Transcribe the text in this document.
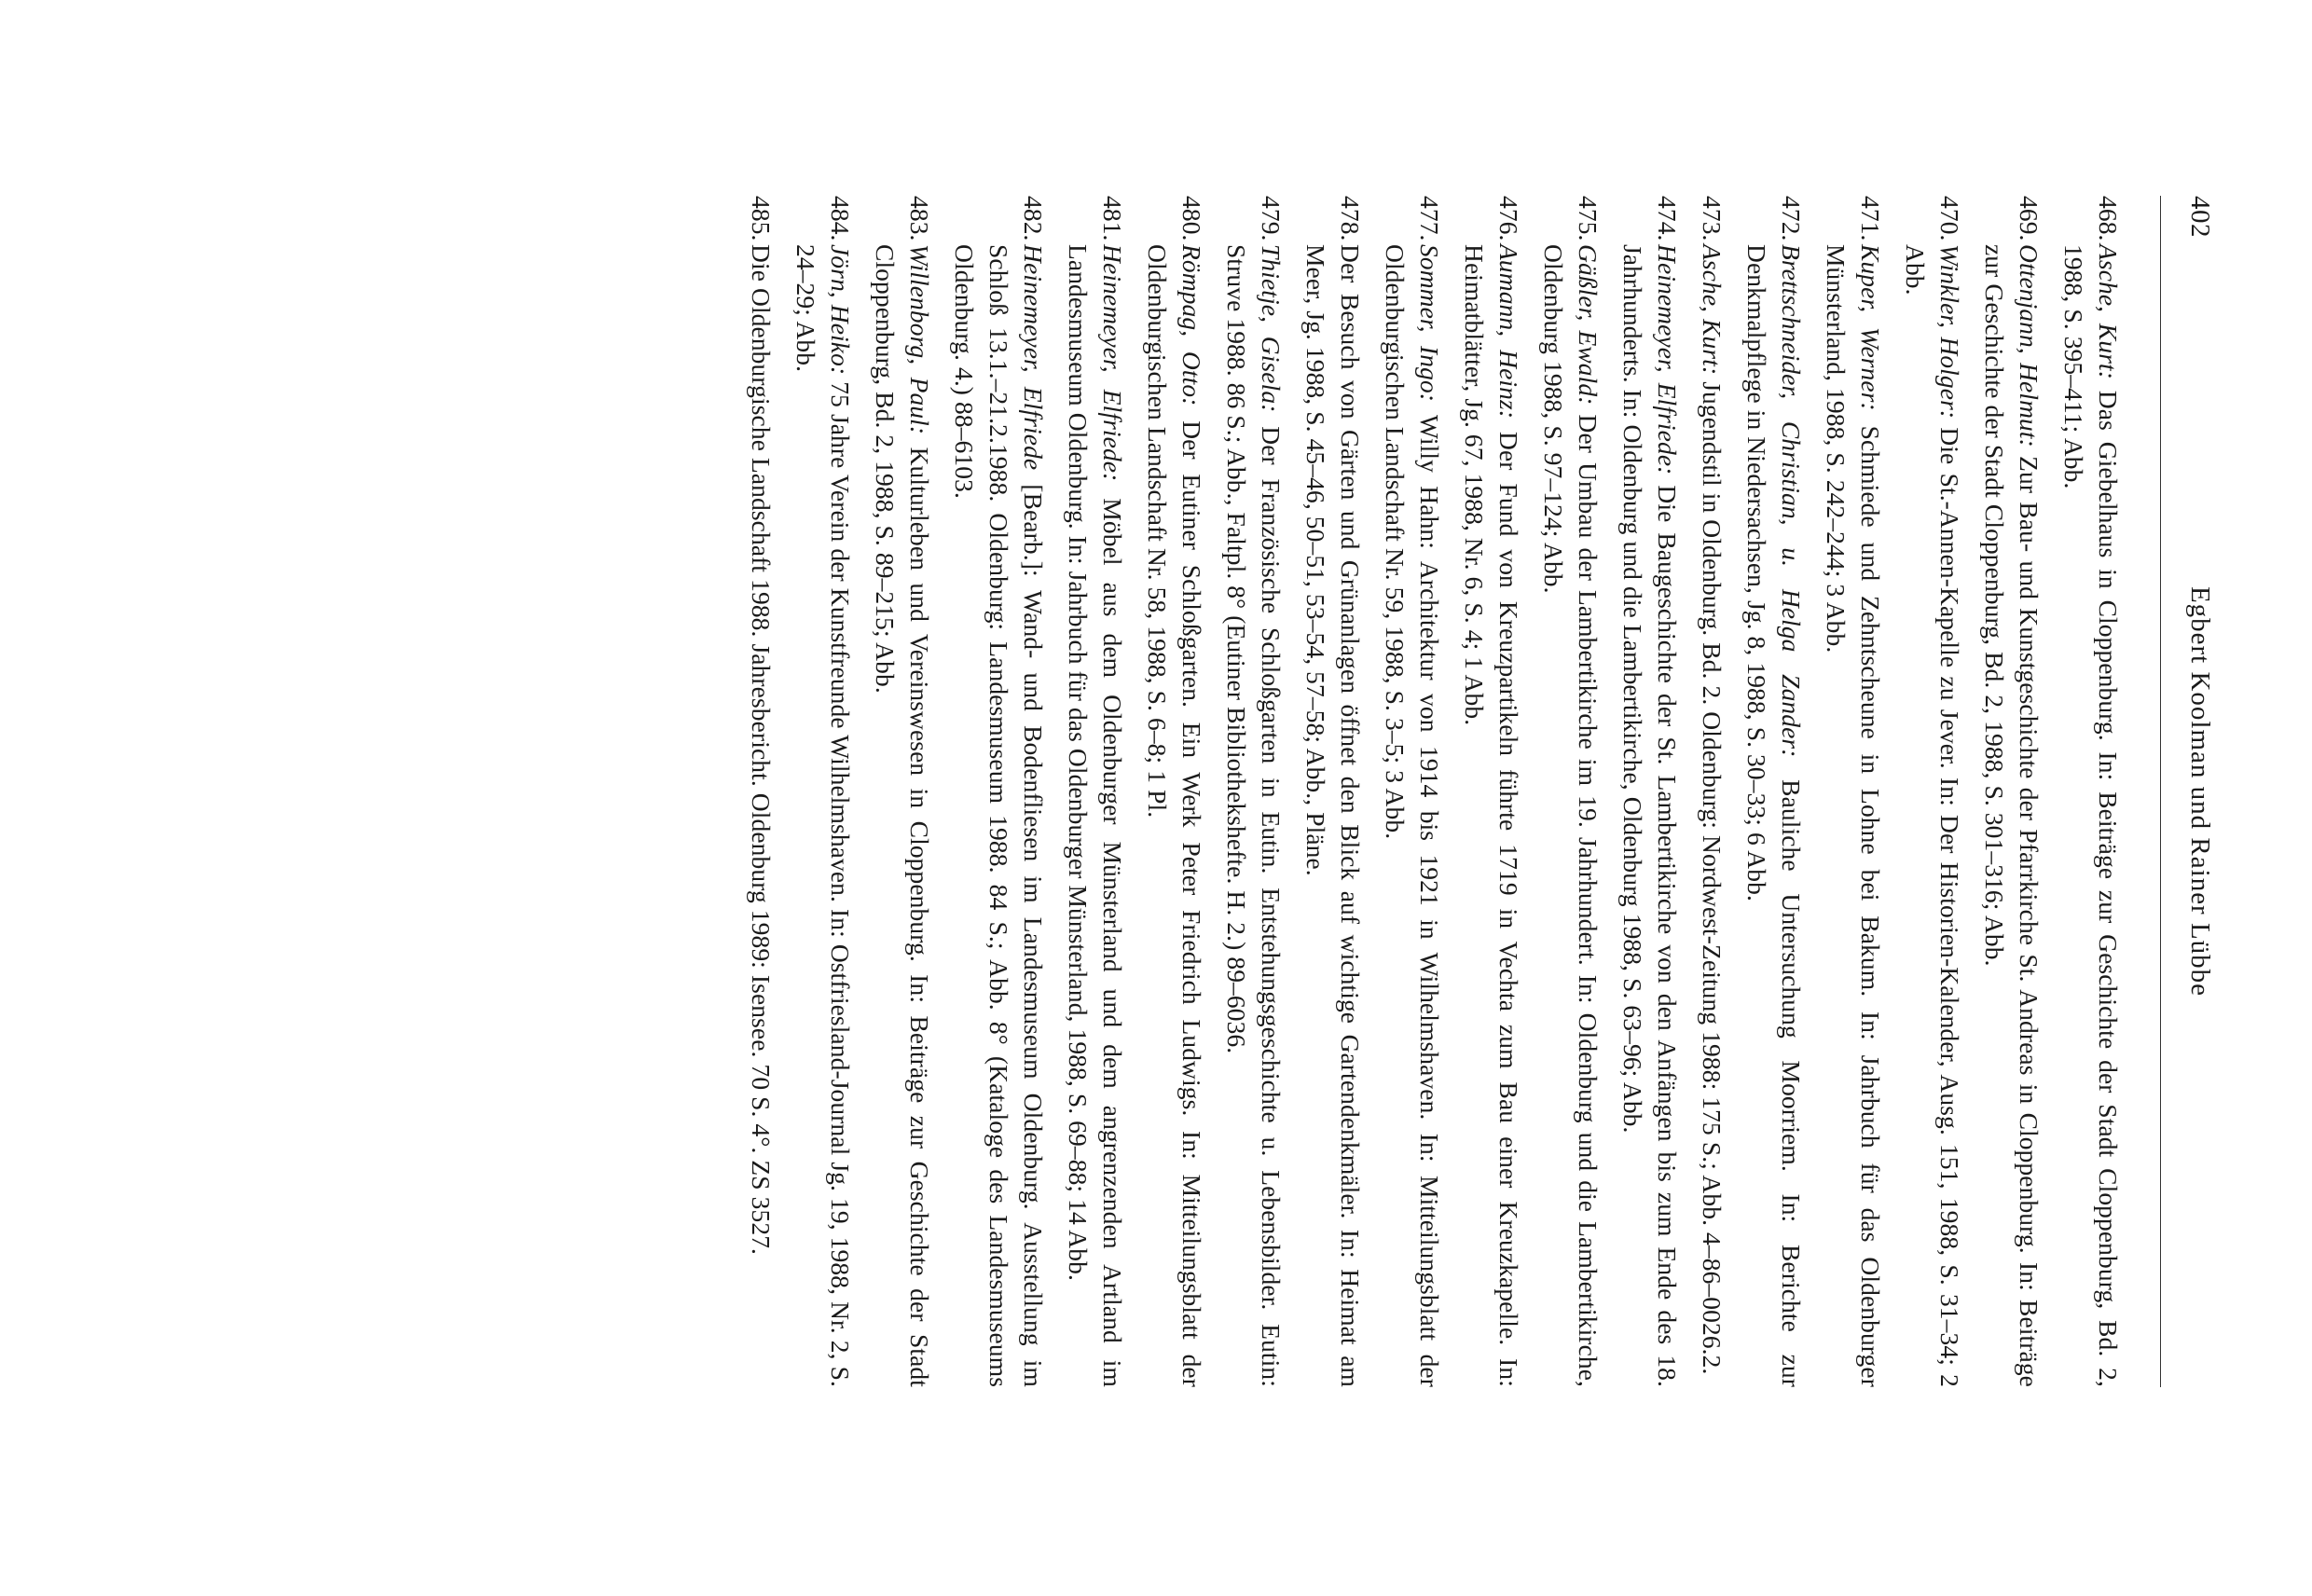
402
Egbert Koolman und Rainer Lübbe

468.
Asche, Kurt: Das Giebelhaus in Cloppenburg. In: Beiträge zur Geschichte der Stadt Cloppenburg, Bd. 2, 1988, S. 395–411; Abb.

469.
Ottenjann, Helmut: Zur Bau- und Kunstgeschichte der Pfarrkirche St. Andreas in Cloppenburg. In: Beiträge zur Geschichte der Stadt Cloppenburg, Bd. 2, 1988, S. 301–316; Abb.

470.
Winkler, Holger: Die St.-Annen-Kapelle zu Jever. In: Der Historien-Kalender, Ausg. 151, 1988, S. 31–34; 2 Abb.

471.
Kuper, Werner: Schmiede und Zehntscheune in Lohne bei Bakum. In: Jahrbuch für das Oldenburger Münsterland, 1988, S. 242–244; 3 Abb.

472.
Brettschneider, Christian, u. Helga Zander: Bauliche Untersuchung Moorriem. In: Berichte zur Denkmalpflege in Niedersachsen, Jg. 8, 1988, S. 30–33; 6 Abb.

473.
Asche, Kurt: Jugendstil in Oldenburg. Bd. 2. Oldenburg: Nordwest-Zeitung 1988: 175 S.; Abb. 4–86–0026.2.

474.
Heinemeyer, Elfriede: Die Baugeschichte der St. Lambertikirche von den Anfängen bis zum Ende des 18. Jahrhunderts. In: Oldenburg und die Lambertikirche, Oldenburg 1988, S. 63–96; Abb.

475.
Gäßler, Ewald: Der Umbau der Lambertikirche im 19. Jahrhundert. In: Oldenburg und die Lambertikirche, Oldenburg 1988, S. 97–124; Abb.

476.
Aumann, Heinz: Der Fund von Kreuzpartikeln führte 1719 in Vechta zum Bau einer Kreuzkapelle. In: Heimatblätter, Jg. 67, 1988, Nr. 6, S. 4; 1 Abb.

477.
Sommer, Ingo: Willy Hahn: Architektur von 1914 bis 1921 in Wilhelmshaven. In: Mitteilungsblatt der Oldenburgischen Landschaft Nr. 59, 1988, S. 3–5; 3 Abb.

478.
Der Besuch von Gärten und Grünanlagen öffnet den Blick auf wichtige Gartendenkmäler. In: Heimat am Meer, Jg. 1988, S. 45–46, 50–51, 53–54, 57–58; Abb., Pläne.

479.
Thietje, Gisela: Der Französische Schloßgarten in Eutin. Entstehungsgeschichte u. Lebensbilder. Eutin: Struve 1988. 86 S.; Abb., Faltpl. 8° (Eutiner Bibliothekshefte. H. 2.) 89–6036.

480.
Römpag, Otto: Der Eutiner Schloßgarten. Ein Werk Peter Friedrich Ludwigs. In: Mitteilungsblatt der Oldenburgischen Landschaft Nr. 58, 1988, S. 6–8; 1 Pl.

481.
Heinemeyer, Elfriede: Möbel aus dem Oldenburger Münsterland und dem angrenzenden Artland im Landesmuseum Oldenburg. In: Jahrbuch für das Oldenburger Münsterland, 1988, S. 69–88; 14 Abb.

482.
Heinemeyer, Elfriede [Bearb.]: Wand- und Bodenfliesen im Landesmuseum Oldenburg. Ausstellung im Schloß 13.1.–21.2.1988. Oldenburg: Landesmuseum 1988. 84 S.; Abb. 8° (Kataloge des Landesmuseums Oldenburg. 4.) 88–6103.

483.
Willenborg, Paul: Kulturleben und Vereinswesen in Cloppenburg. In: Beiträge zur Geschichte der Stadt Cloppenburg, Bd. 2, 1988, S. 89–215; Abb.

484.
Jörn, Heiko: 75 Jahre Verein der Kunstfreunde Wilhelmshaven. In: Ostfriesland-Journal Jg. 19, 1988, Nr. 2, S. 24–29; Abb.

485.
Die Oldenburgische Landschaft 1988. Jahresbericht. Oldenburg 1989: Isensee. 70 S. 4°. ZS 3527.
